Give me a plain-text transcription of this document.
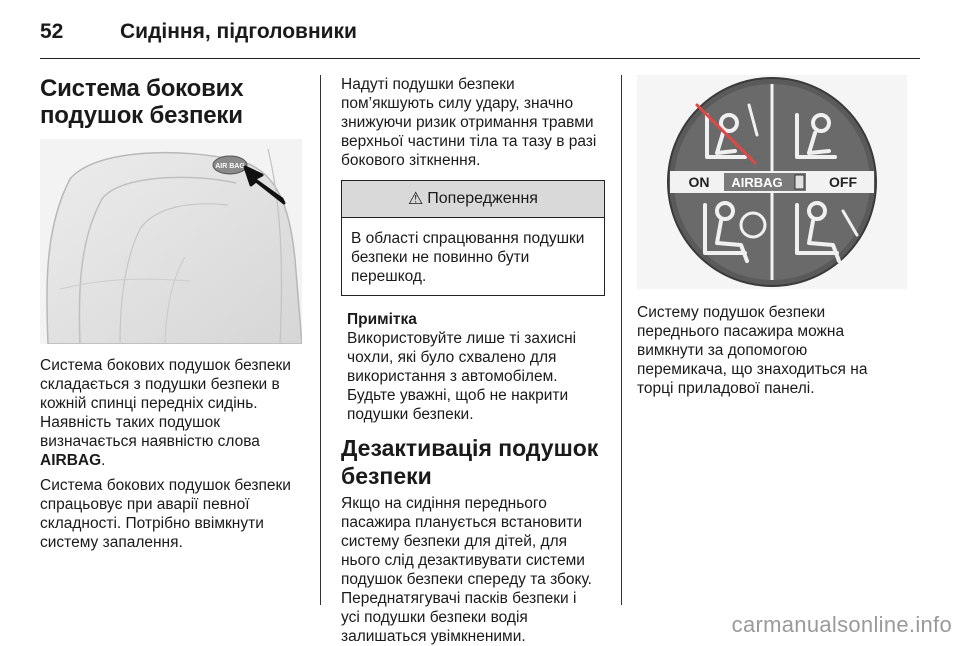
52	Сидіння, підголовники
Система бокових
подушок безпеки
AIR BAG
Система бокових подушок безпеки
складається з подушки безпеки в
кожній спинці передніх сидінь.
Наявність таких подушок
визначається наявністю слова
AIRBAG.
Система бокових подушок безпеки
спрацьовує при аварії певної
складності. Потрібно ввімкнути
систему запалення.
Надуті подушки безпеки
пом’якшують силу удару, значно
знижуючи ризик отримання травми
верхньої частини тіла та тазу в разі
бокового зіткнення.
⚠ Попередження
В області спрацювання подушки
безпеки не повинно бути
перешкод.
Примітка
Використовуйте лише ті захисні
чохли, які було схвалено для
використання з автомобілем.
Будьте уважні, щоб не накрити
подушки безпеки.
Дезактивація подушок
безпеки
Якщо на сидіння переднього
пасажира планується встановити
систему безпеки для дітей, для
нього слід дезактивувати системи
подушок безпеки спереду та збоку.
Переднатягувачі пасків безпеки і
усі подушки безпеки водія
залишаться увімкненими.
ON AIRBAG	OFF
Систему подушок безпеки
переднього пасажира можна
вимкнути за допомогою
перемикача, що знаходиться на
торці приладової панелі.
carmanualsonline.info
